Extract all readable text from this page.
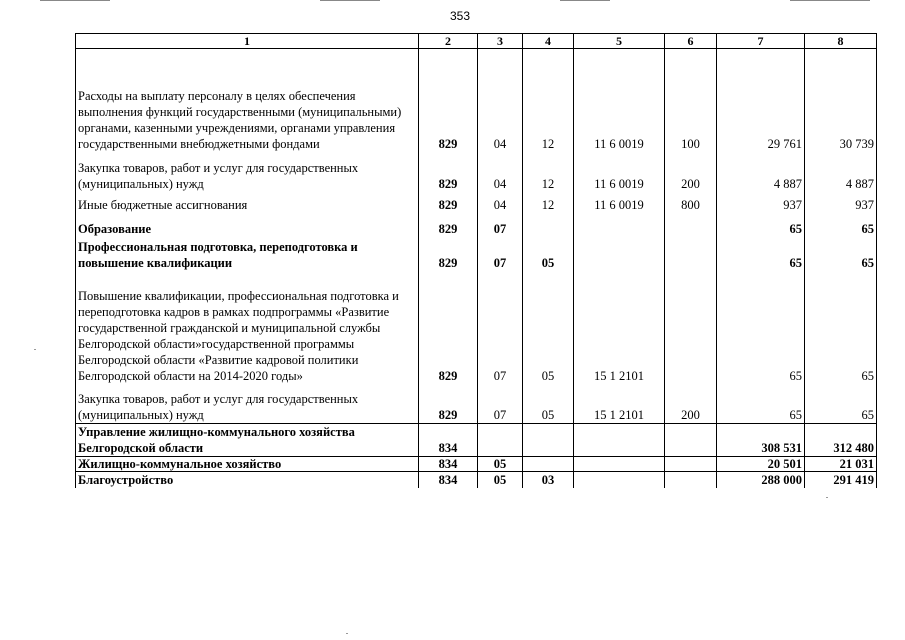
353
1	2	3	4	5	6	7	8
Расходы на выплату персоналу в целях обеспечения выполнения функций государственными (муниципальными) органами, казенными учреждениями, органами управления государственными внебюджетными фондами	829	04	12	11 6 0019	100	29 761	30 739
Закупка товаров, работ и услуг для государственных (муниципальных) нужд	829	04	12	11 6 0019	200	4 887	4 887
Иные бюджетные ассигнования	829	04	12	11 6 0019	800	937	937
Образование	829	07				65	65
Профессиональная подготовка, переподготовка и повышение квалификации	829	07	05			65	65
Повышение квалификации, профессиональная подготовка и переподготовка кадров в рамках подпрограммы «Развитие государственной гражданской и муниципальной службы Белгородской области»государственной программы Белгородской области «Развитие кадровой политики Белгородской области на 2014-2020 годы»	829	07	05	15 1 2101		65	65
Закупка товаров, работ и услуг для государственных (муниципальных) нужд	829	07	05	15 1 2101	200	65	65
Управление жилищно-коммунального хозяйства Белгородской области	834					308 531	312 480
Жилищно-коммунальное хозяйство	834	05				20 501	21 031
Благоустройство	834	05	03			288 000	291 419
